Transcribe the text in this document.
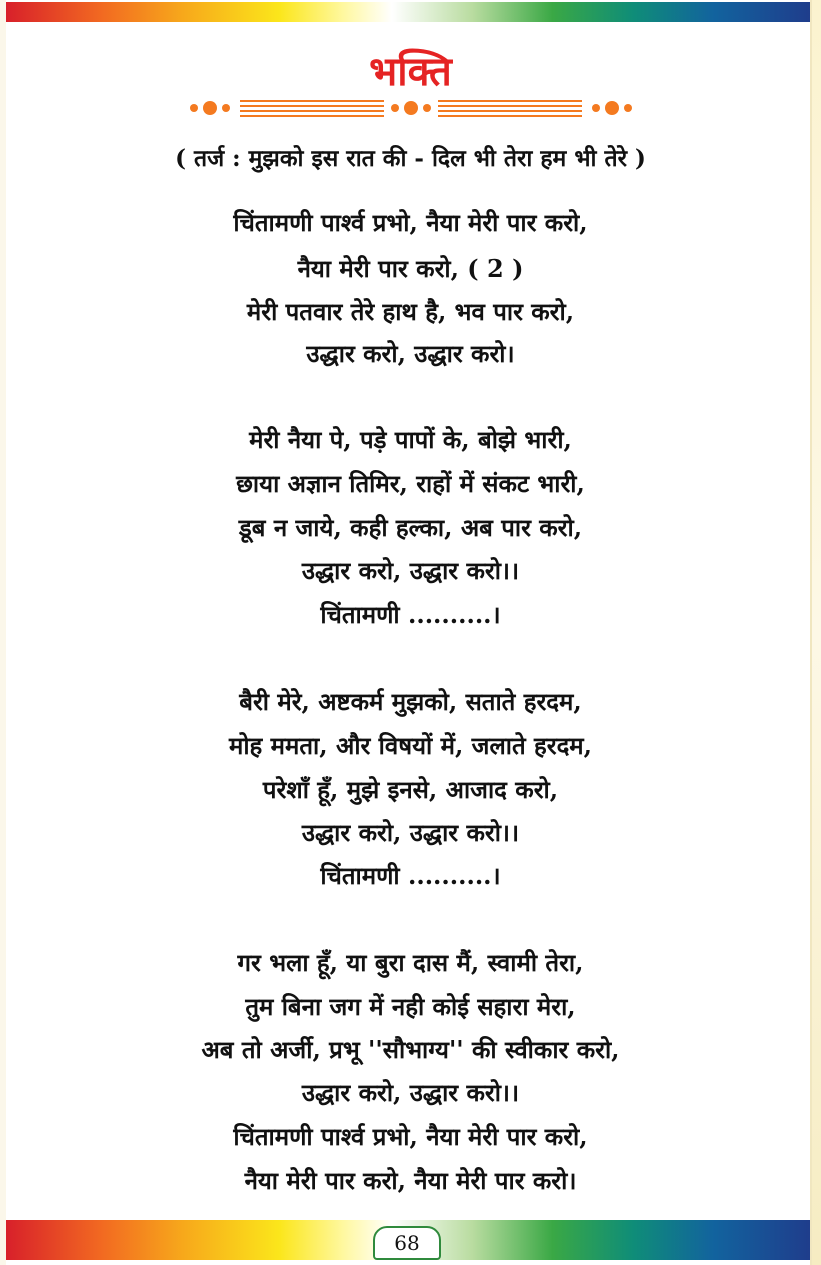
भक्ति
( तर्ज : मुझको इस रात की - दिल भी तेरा हम भी तेरे )
चिंतामणी पार्श्व प्रभो, नैया मेरी पार करो,
नैया मेरी पार करो, ( 2 )
मेरी पतवार तेरे हाथ है, भव पार करो,
उद्धार करो, उद्धार करो।
मेरी नैया पे, पड़े पापों के, बोझे भारी,
छाया अज्ञान तिमिर, राहों में संकट भारी,
डूब न जाये, कही हल्का, अब पार करो,
उद्धार करो, उद्धार करो।।
चिंतामणी ..........।
बैरी मेरे, अष्टकर्म मुझको, सताते हरदम,
मोह ममता, और विषयों में, जलाते हरदम,
परेशाँ हूँ, मुझे इनसे, आजाद करो,
उद्धार करो, उद्धार करो।।
चिंतामणी ..........।
गर भला हूँ, या बुरा दास मैं, स्वामी तेरा,
तुम बिना जग में नही कोई सहारा मेरा,
अब तो अर्जी, प्रभू ''सौभाग्य'' की स्वीकार करो,
उद्धार करो, उद्धार करो।।
चिंतामणी पार्श्व प्रभो, नैया मेरी पार करो,
नैया मेरी पार करो, नैया मेरी पार करो।
68
